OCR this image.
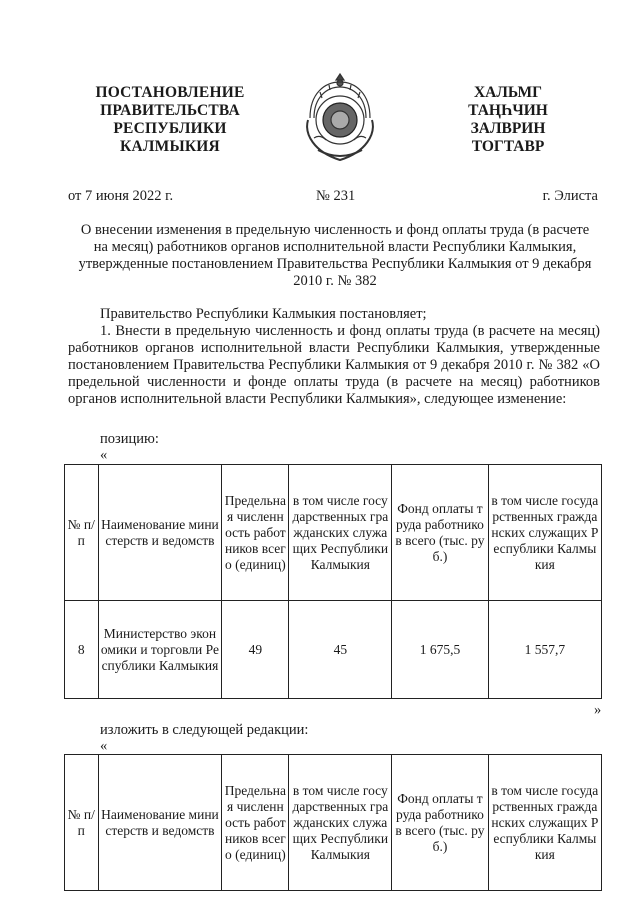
ПОСТАНОВЛЕНИЕ
ПРАВИТЕЛЬСТВА
РЕСПУБЛИКИ
КАЛМЫКИЯ
ХАЛЬМГ
ТАҢҺЧИН
ЗАЛВРИН
ТОГТАВР
от 7 июня 2022 г.	№ 231	г. Элиста
О внесении изменения в предельную численность и фонд оплаты труда (в расчете
на месяц) работников органов исполнительной власти Республики Калмыкия,
утвержденные постановлением Правительства Республики Калмыкия от 9 декабря
2010 г. № 382

Правительство Республики Калмыкия постановляет;

1. Внести в предельную численность и фонд оплаты труда (в расчете на месяц) работников органов исполнительной власти Республики Калмыкия, утвержденные постановлением Правительства Республики Калмыкия от 9 декабря 2010 г. № 382 «О предельной численности и фонде оплаты труда (в расчете на месяц) работников органов исполнительной власти Республики Калмыкия», следующее изменение:

позицию:
«
№ п/п	Наименование министерств и ведомств	Предельная численность работников всего (единиц)	в том числе государственных гражданских служащих Республики Калмыкия	Фонд оплаты труда работников всего (тыс. руб.)	в том числе государственных гражданских служащих Республики Калмыкия
8	Министерство экономики и торговли Республики Калмыкия	49	45	1 675,5	1 557,7
»
изложить в следующей редакции:
«
№ п/п	Наименование министерств и ведомств	Предельная численность работников всего (единиц)	в том числе государственных гражданских служащих Республики Калмыкия	Фонд оплаты труда работников всего (тыс. руб.)	в том числе государственных гражданских служащих Республики Калмыкия
